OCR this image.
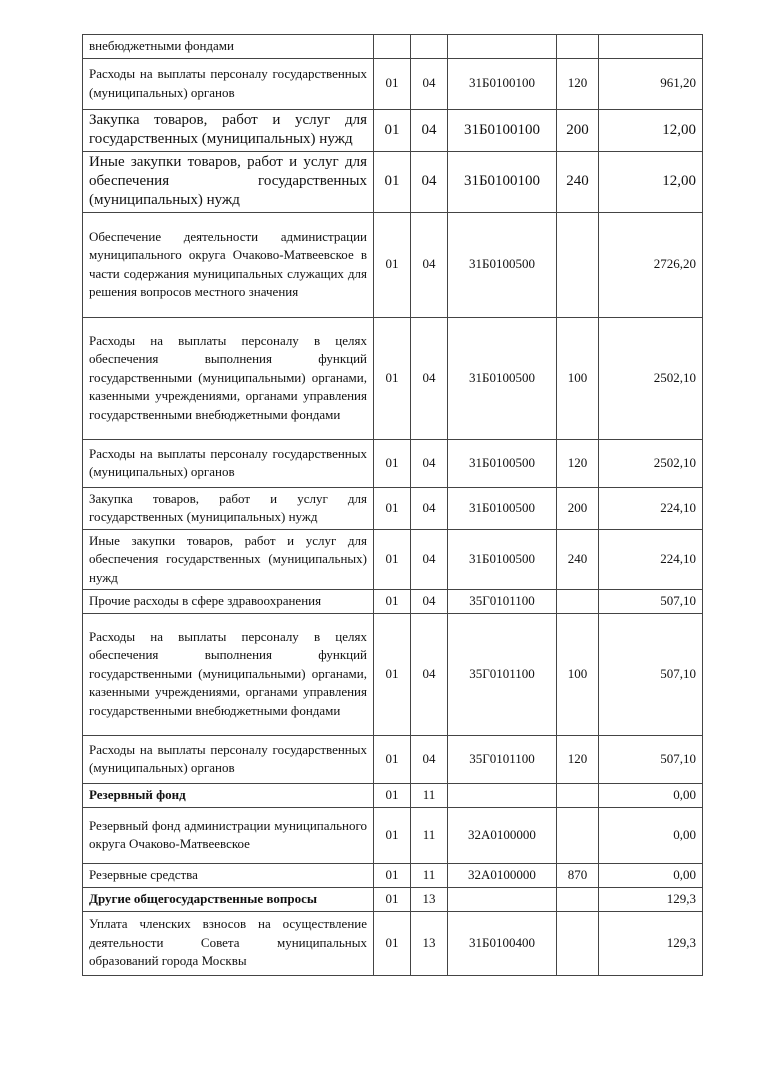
внебюджетными фондами					
Расходы на выплаты персоналу государственных (муниципальных) органов	01	04	31Б0100100	120	961,20
Закупка товаров, работ и услуг для государственных (муниципальных) нужд	01	04	31Б0100100	200	12,00
Иные закупки товаров, работ и услуг для обеспечения государственных (муниципальных) нужд	01	04	31Б0100100	240	12,00
Обеспечение деятельности администрации муниципального округа Очаково-Матвеевское в части содержания муниципальных служащих для решения вопросов местного значения	01	04	31Б0100500		2726,20
Расходы на выплаты персоналу в целях обеспечения выполнения функций государственными (муниципальными) органами, казенными учреждениями, органами управления государственными внебюджетными фондами	01	04	31Б0100500	100	2502,10
Расходы на выплаты персоналу государственных (муниципальных) органов	01	04	31Б0100500	120	2502,10
Закупка товаров, работ и услуг для государственных (муниципальных) нужд	01	04	31Б0100500	200	224,10
Иные закупки товаров, работ и услуг для обеспечения государственных (муниципальных) нужд	01	04	31Б0100500	240	224,10
Прочие расходы в сфере здравоохранения	01	04	35Г0101100		507,10
Расходы на выплаты персоналу в целях обеспечения выполнения функций государственными (муниципальными) органами, казенными учреждениями, органами управления государственными внебюджетными фондами	01	04	35Г0101100	100	507,10
Расходы на выплаты персоналу государственных (муниципальных) органов	01	04	35Г0101100	120	507,10
Резервный фонд	01	11			0,00
Резервный фонд администрации муниципального округа Очаково-Матвеевское	01	11	32А0100000		0,00
Резервные средства	01	11	32А0100000	870	0,00
Другие общегосударственные вопросы	01	13			129,3
Уплата членских взносов на осуществление деятельности Совета муниципальных образований города Москвы	01	13	31Б0100400		129,3
